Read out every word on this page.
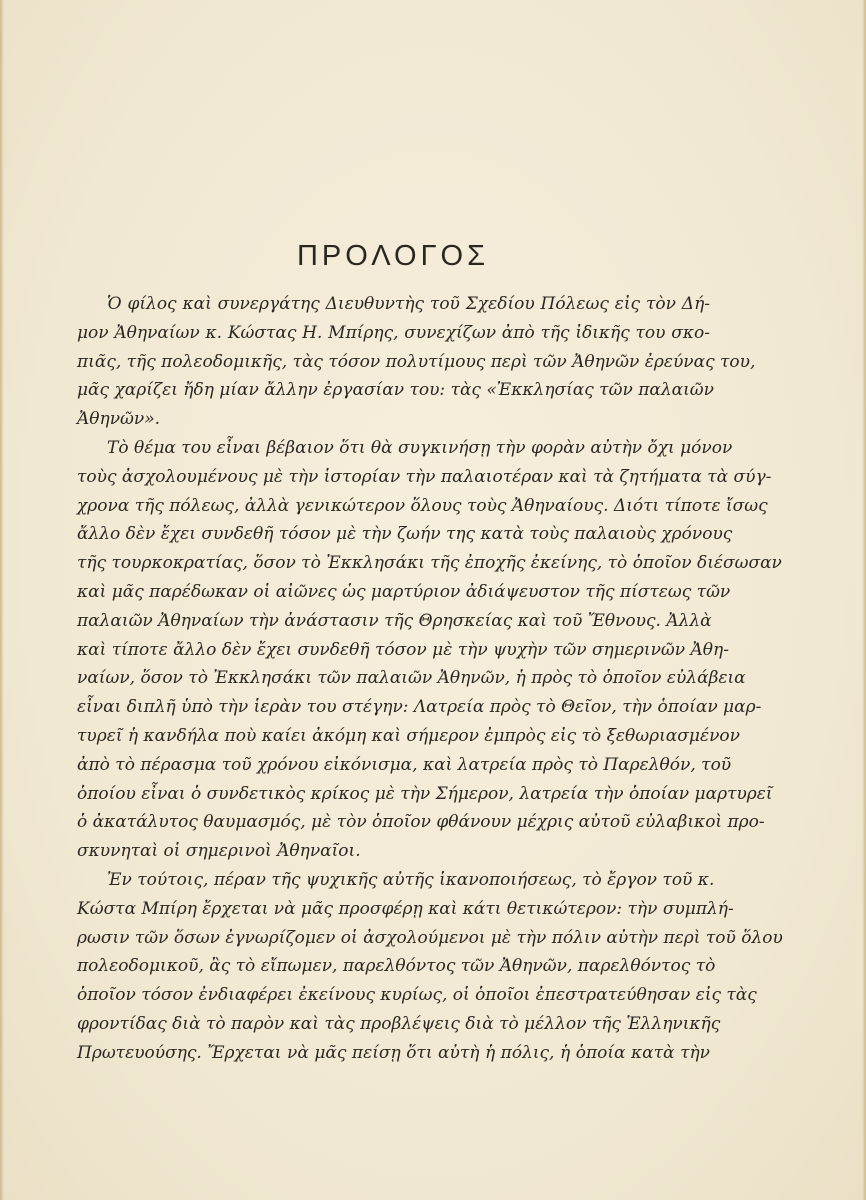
ΠΡΟΛΟΓΟΣ
Ὁ φίλος καὶ συνεργάτης Διευθυντὴς τοῦ Σχεδίου Πόλεως εἰς τὸν Δή-
μον Ἀθηναίων κ. Κώστας Η. Μπίρης, συνεχίζων ἀπὸ τῆς ἰδικῆς του σκο-
πιᾶς, τῆς πολεοδομικῆς, τὰς τόσον πολυτίμους περὶ τῶν Ἀθηνῶν ἐρεύνας του,
μᾶς χαρίζει ἤδη μίαν ἄλλην ἐργασίαν του: τὰς «Ἐκκλησίας τῶν παλαιῶν
Ἀθηνῶν».
Τὸ θέμα του εἶναι βέβαιον ὅτι θὰ συγκινήσῃ τὴν φορὰν αὐτὴν ὄχι μόνον
τοὺς ἀσχολουμένους μὲ τὴν ἱστορίαν τὴν παλαιοτέραν καὶ τὰ ζητήματα τὰ σύγ-
χρονα τῆς πόλεως, ἀλλὰ γενικώτερον ὅλους τοὺς Ἀθηναίους. Διότι τίποτε ἴσως
ἄλλο δὲν ἔχει συνδεθῆ τόσον μὲ τὴν ζωήν της κατὰ τοὺς παλαιοὺς χρόνους
τῆς τουρκοκρατίας, ὅσον τὸ Ἐκκλησάκι τῆς ἐποχῆς ἐκείνης, τὸ ὁποῖον διέσωσαν
καὶ μᾶς παρέδωκαν οἱ αἰῶνες ὡς μαρτύριον ἀδιάψευστον τῆς πίστεως τῶν
παλαιῶν Ἀθηναίων τὴν ἀνάστασιν τῆς Θρησκείας καὶ τοῦ Ἔθνους. Ἀλλὰ
καὶ τίποτε ἄλλο δὲν ἔχει συνδεθῆ τόσον μὲ τὴν ψυχὴν τῶν σημερινῶν Ἀθη-
ναίων, ὅσον τὸ Ἐκκλησάκι τῶν παλαιῶν Ἀθηνῶν, ἡ πρὸς τὸ ὁποῖον εὐλάβεια
εἶναι διπλῆ ὑπὸ τὴν ἱερὰν του στέγην: Λατρεία πρὸς τὸ Θεῖον, τὴν ὁποίαν μαρ-
τυρεῖ ἡ κανδήλα ποὺ καίει ἀκόμη καὶ σήμερον ἐμπρὸς εἰς τὸ ξεθωριασμένον
ἀπὸ τὸ πέρασμα τοῦ χρόνου εἰκόνισμα, καὶ λατρεία πρὸς τὸ Παρελθόν, τοῦ
ὁποίου εἶναι ὁ συνδετικὸς κρίκος μὲ τὴν Σήμερον, λατρεία τὴν ὁποίαν μαρτυρεῖ
ὁ ἀκατάλυτος θαυμασμός, μὲ τὸν ὁποῖον φθάνουν μέχρις αὐτοῦ εὐλαβικοὶ προ-
σκυνηταὶ οἱ σημερινοὶ Ἀθηναῖοι.
Ἐν τούτοις, πέραν τῆς ψυχικῆς αὐτῆς ἱκανοποιήσεως, τὸ ἔργον τοῦ κ.
Κώστα Μπίρη ἔρχεται νὰ μᾶς προσφέρῃ καὶ κάτι θετικώτερον: τὴν συμπλή-
ρωσιν τῶν ὅσων ἐγνωρίζομεν οἱ ἀσχολούμενοι μὲ τὴν πόλιν αὐτὴν περὶ τοῦ ὅλου
πολεοδομικοῦ, ἂς τὸ εἴπωμεν, παρελθόντος τῶν Ἀθηνῶν, παρελθόντος τὸ
ὁποῖον τόσον ἐνδιαφέρει ἐκείνους κυρίως, οἱ ὁποῖοι ἐπεστρατεύθησαν εἰς τὰς
φροντίδας διὰ τὸ παρὸν καὶ τὰς προβλέψεις διὰ τὸ μέλλον τῆς Ἑλληνικῆς
Πρωτευούσης. Ἔρχεται νὰ μᾶς πείσῃ ὅτι αὐτὴ ἡ πόλις, ἡ ὁποία κατὰ τὴν
